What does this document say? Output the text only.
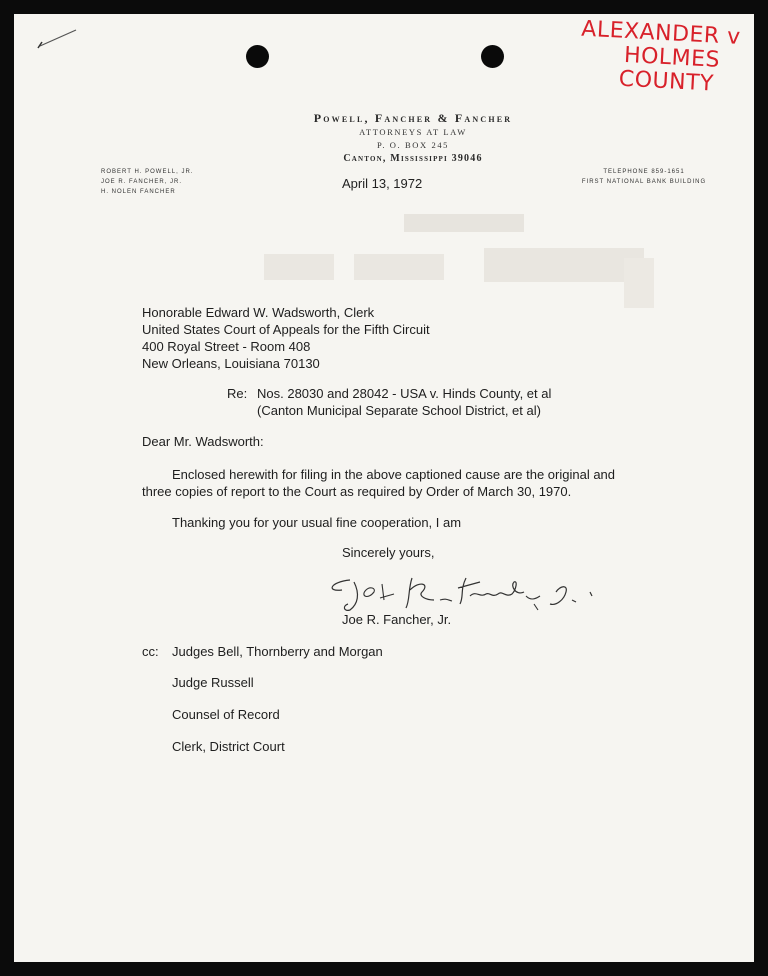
ALEXANDER v
HOLMES
COUNTY
Powell, Fancher & Fancher
ATTORNEYS AT LAW
P. O. BOX 245
Canton, Mississippi 39046
ROBERT H. POWELL, JR.
JOE R. FANCHER, JR.
H. NOLEN FANCHER
TELEPHONE 859-1651
FIRST NATIONAL BANK BUILDING
April 13, 1972
Honorable Edward W. Wadsworth, Clerk
United States Court of Appeals for the Fifth Circuit
400 Royal Street - Room 408
New Orleans, Louisiana 70130
Re: Nos. 28030 and 28042 - USA v. Hinds County, et al
(Canton Municipal Separate School District, et al)
Dear Mr. Wadsworth:
Enclosed herewith for filing in the above captioned cause are the original and
three copies of report to the Court as required by Order of March 30, 1970.
Thanking you for your usual fine cooperation, I am
Sincerely yours,
Joe R. Fancher, Jr.
cc: Judges Bell, Thornberry and Morgan
Judge Russell
Counsel of Record
Clerk, District Court
